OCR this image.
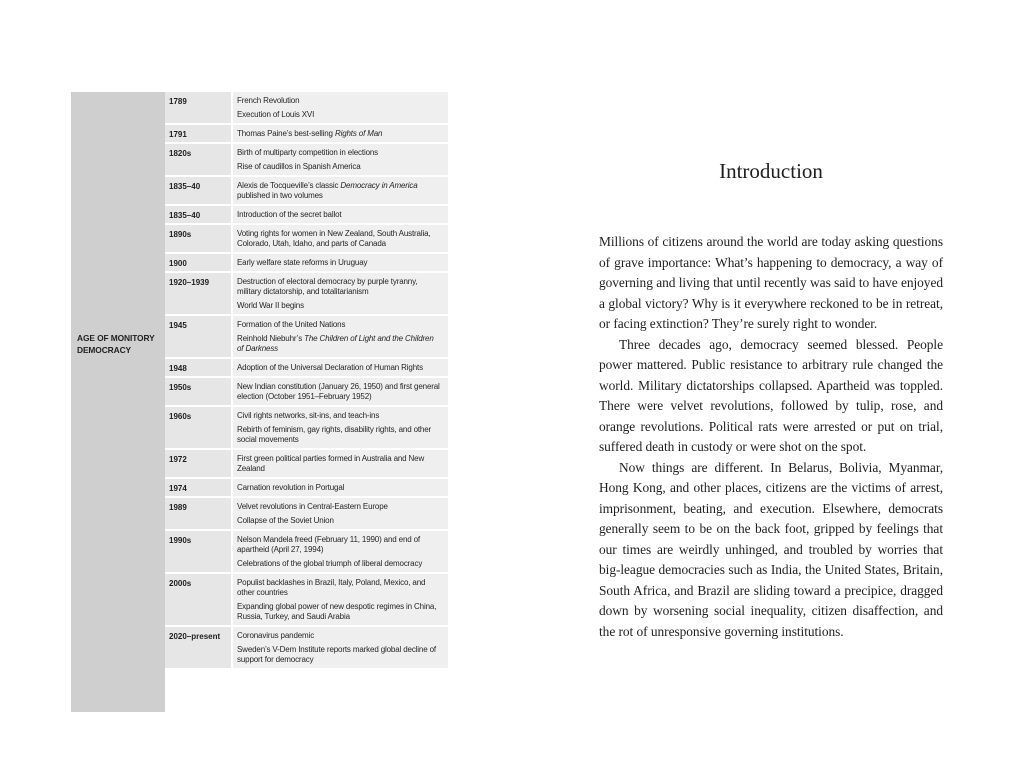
AGE OF MONITORY DEMOCRACY
1789	French Revolution
Execution of Louis XVI
1791	Thomas Paine’s best-selling Rights of Man
1820s	Birth of multiparty competition in elections
Rise of caudillos in Spanish America
1835–40	Alexis de Tocqueville’s classic Democracy in America published in two volumes
1835–40	Introduction of the secret ballot
1890s	Voting rights for women in New Zealand, South Australia, Colorado, Utah, Idaho, and parts of Canada
1900	Early welfare state reforms in Uruguay
1920–1939	Destruction of electoral democracy by purple tyranny, military dictatorship, and totalitarianism
World War II begins
1945	Formation of the United Nations
Reinhold Niebuhr’s The Children of Light and the Children of Darkness
1948	Adoption of the Universal Declaration of Human Rights
1950s	New Indian constitution (January 26, 1950) and first general election (October 1951–February 1952)
1960s	Civil rights networks, sit-ins, and teach-ins
Rebirth of feminism, gay rights, disability rights, and other social movements
1972	First green political parties formed in Australia and New Zealand
1974	Carnation revolution in Portugal
1989	Velvet revolutions in Central-Eastern Europe
Collapse of the Soviet Union
1990s	Nelson Mandela freed (February 11, 1990) and end of apartheid (April 27, 1994)
Celebrations of the global triumph of liberal democracy
2000s	Populist backlashes in Brazil, Italy, Poland, Mexico, and other countries
Expanding global power of new despotic regimes in China, Russia, Turkey, and Saudi Arabia
2020–present	Coronavirus pandemic
Sweden’s V-Dem Institute reports marked global decline of support for democracy
Introduction

Millions of citizens around the world are today asking questions of grave importance: What’s happening to democracy, a way of governing and living that until recently was said to have enjoyed a global victory? Why is it everywhere reckoned to be in retreat, or facing extinction? They’re surely right to wonder.

Three decades ago, democracy seemed blessed. People power mattered. Public resistance to arbitrary rule changed the world. Military dictatorships collapsed. Apartheid was toppled. There were velvet revolutions, followed by tulip, rose, and orange revolutions. Political rats were arrested or put on trial, suffered death in custody or were shot on the spot.

Now things are different. In Belarus, Bolivia, Myanmar, Hong Kong, and other places, citizens are the victims of arrest, imprisonment, beating, and execution. Elsewhere, democrats generally seem to be on the back foot, gripped by feelings that our times are weirdly unhinged, and troubled by worries that big-league democracies such as India, the United States, Britain, South Africa, and Brazil are sliding toward a precipice, dragged down by worsening social inequality, citizen disaffection, and the rot of unresponsive governing institutions.
